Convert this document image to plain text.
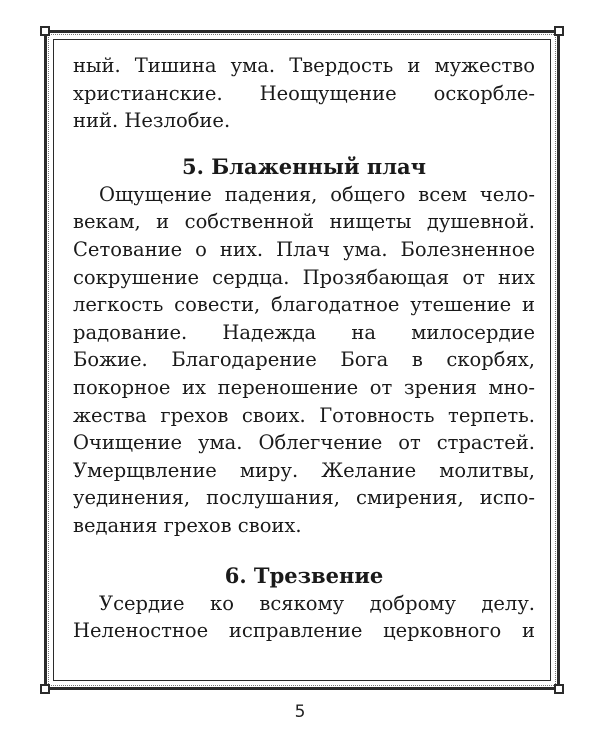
ный. Тишина ума. Твердость и мужество
христианские. Неощущение оскорбле-
ний. Незлобие.

5. Блаженный плач

Ощущение падения, общего всем чело-
векам, и собственной нищеты душевной.
Сетование о них. Плач ума. Болезненное
сокрушение сердца. Прозябающая от них
легкость совести, благодатное утешение и
радование. Надежда на милосердие
Божие. Благодарение Бога в скорбях,
покорное их переношение от зрения мно-
жества грехов своих. Готовность терпеть.
Очищение ума. Облегчение от страстей.
Умерщвление миру. Желание молитвы,
уединения, послушания, смирения, испо-
ведания грехов своих.

6. Трезвение

Усердие ко всякому доброму делу.
Неленостное исправление церковного и

5
